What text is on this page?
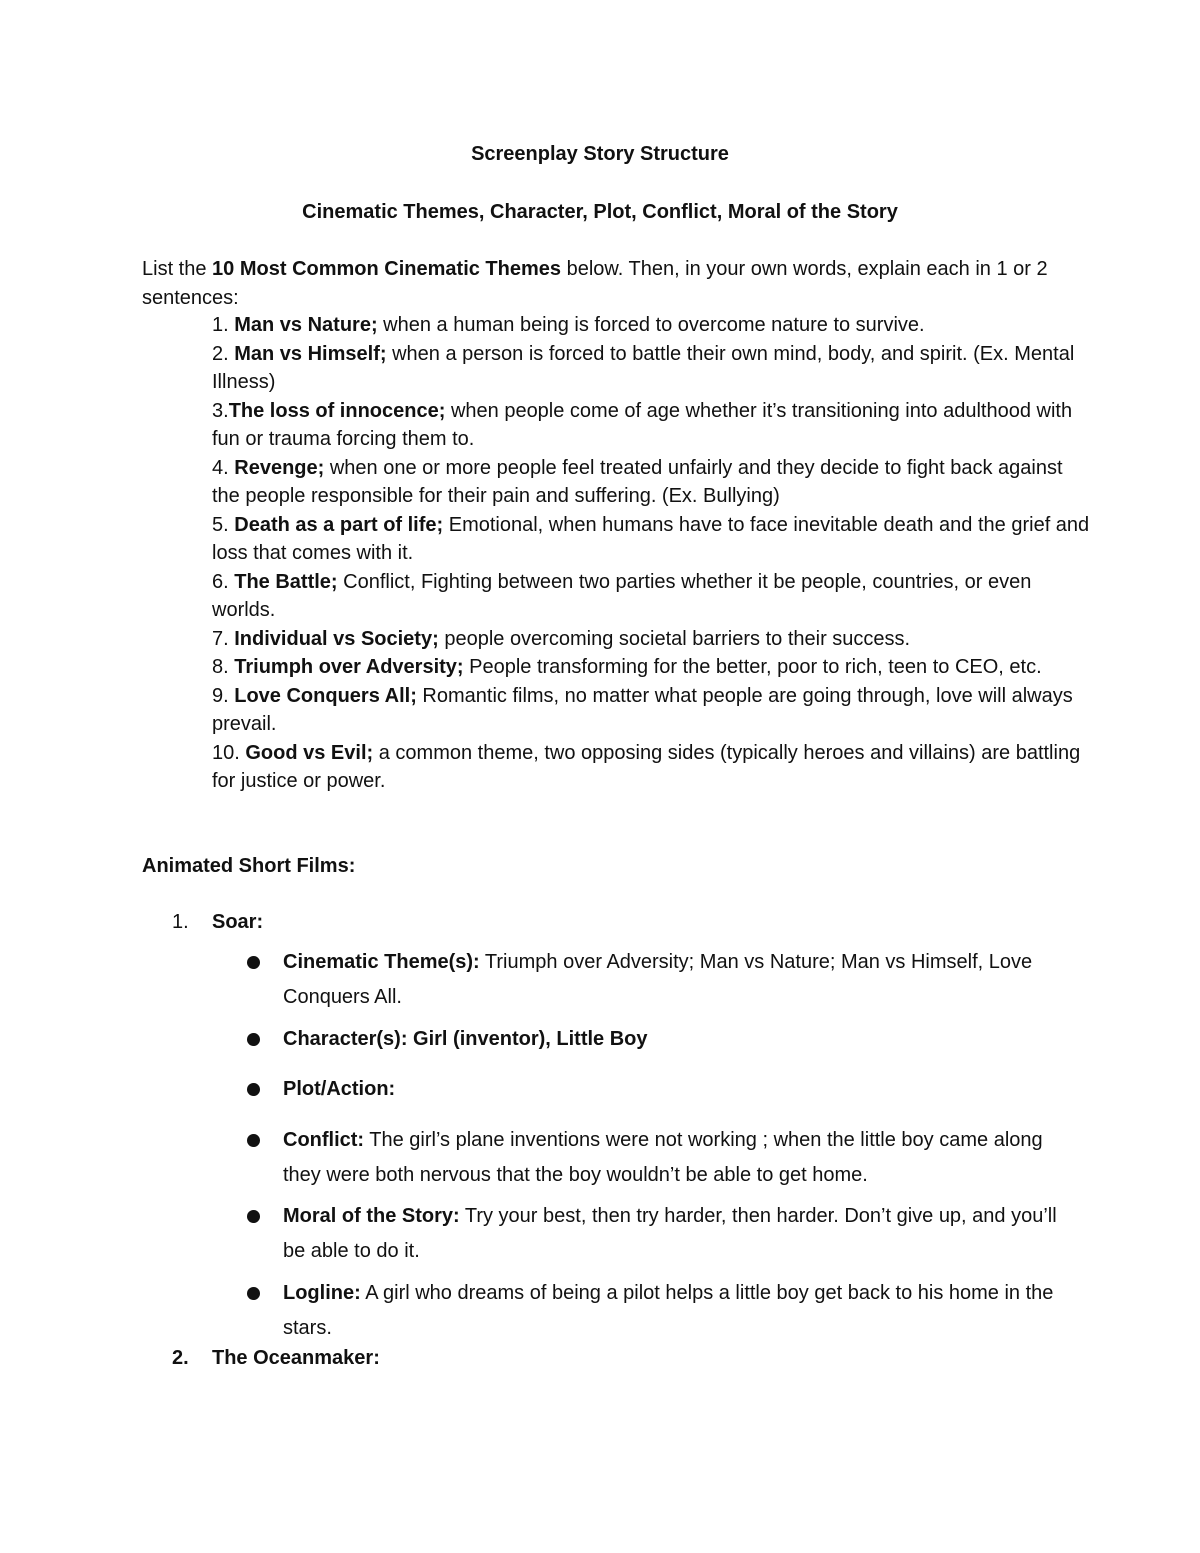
Screenplay Story Structure
Cinematic Themes, Character, Plot, Conflict, Moral of the Story
List the 10 Most Common Cinematic Themes below. Then, in your own words, explain each in 1 or 2 sentences:
1. Man vs Nature; when a human being is forced to overcome nature to survive.
2. Man vs Himself; when a person is forced to battle their own mind, body, and spirit. (Ex. Mental Illness)
3.The loss of innocence; when people come of age whether it’s transitioning into adulthood with fun or trauma forcing them to.
4. Revenge; when one or more people feel treated unfairly and they decide to fight back against the people responsible for their pain and suffering. (Ex. Bullying)
5. Death as a part of life; Emotional, when humans have to face inevitable death and the grief and loss that comes with it.
6. The Battle; Conflict, Fighting between two parties whether it be people, countries, or even worlds.
7. Individual vs Society; people overcoming societal barriers to their success.
8. Triumph over Adversity; People transforming for the better, poor to rich, teen to CEO, etc.
9. Love Conquers All; Romantic films, no matter what people are going through, love will always prevail.
10. Good vs Evil; a common theme, two opposing sides (typically heroes and villains) are battling for justice or power.
Animated Short Films:
1. Soar:
Cinematic Theme(s): Triumph over Adversity; Man vs Nature; Man vs Himself, Love Conquers All.
Character(s): Girl (inventor), Little Boy
Plot/Action:
Conflict: The girl’s plane inventions were not working ; when the little boy came along they were both nervous that the boy wouldn’t be able to get home.
Moral of the Story: Try your best, then try harder, then harder. Don’t give up, and you’ll be able to do it.
Logline: A girl who dreams of being a pilot helps a little boy get back to his home in the stars.
2. The Oceanmaker:
